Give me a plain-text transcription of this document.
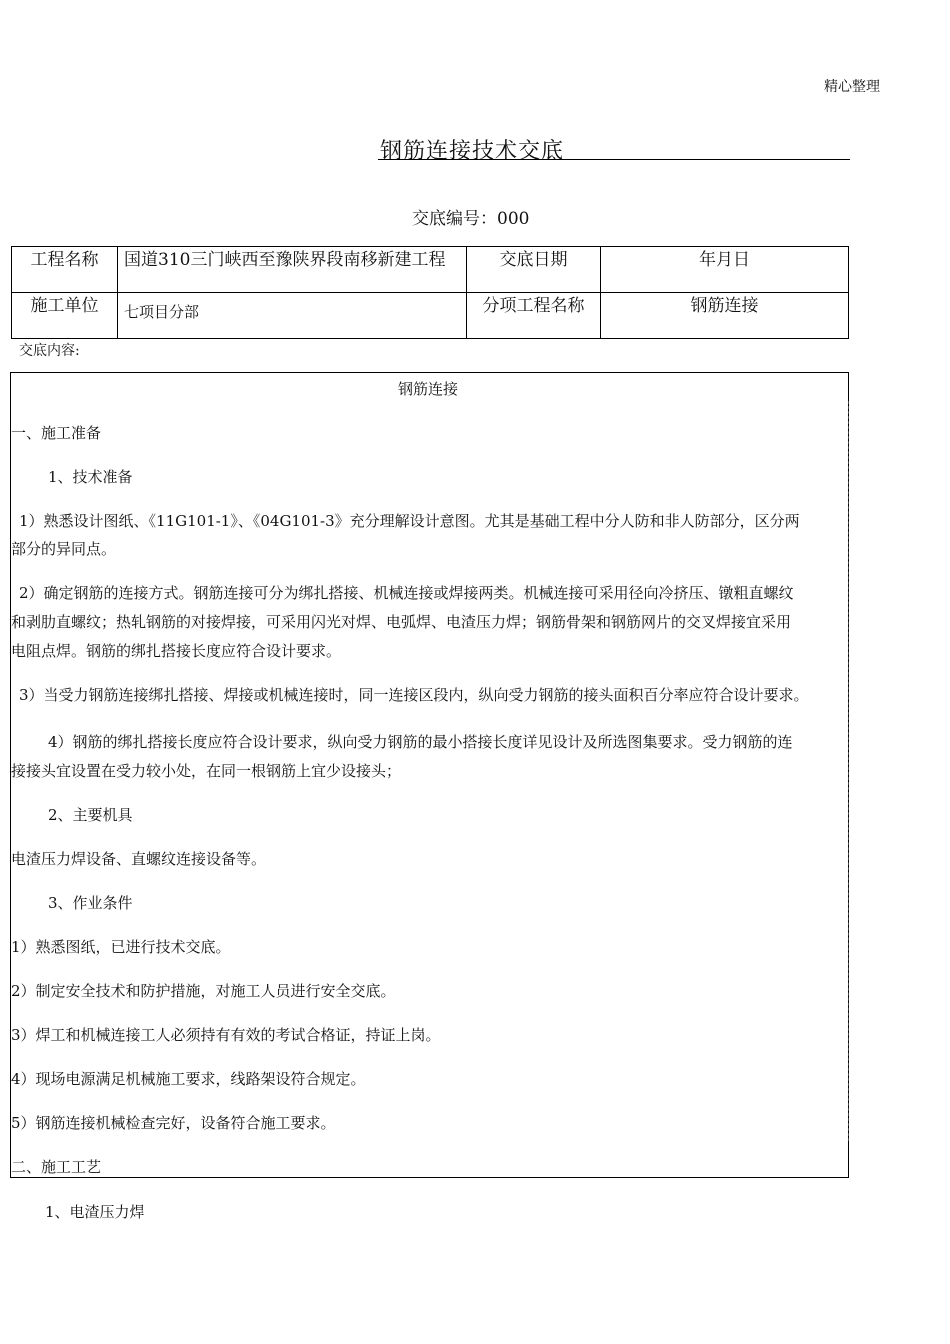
精心整理
钢筋连接技术交底
交底编号：000
工程名称	国道310三门峡西至豫陕界段南移新建工程	交底日期	年月日

施工单位	七项目分部	分项工程名称	钢筋连接
交底内容:
钢筋连接
一、施工准备
1、技术准备
1）熟悉设计图纸、《11G101-1》、《04G101-3》充分理解设计意图。尤其是基础工程中分人防和非人防部分，区分两
部分的异同点。
2）确定钢筋的连接方式。钢筋连接可分为绑扎搭接、机械连接或焊接两类。机械连接可采用径向冷挤压、镦粗直螺纹
和剥肋直螺纹；热轧钢筋的对接焊接，可采用闪光对焊、电弧焊、电渣压力焊；钢筋骨架和钢筋网片的交叉焊接宜采用
电阻点焊。钢筋的绑扎搭接长度应符合设计要求。
3）当受力钢筋连接绑扎搭接、焊接或机械连接时，同一连接区段内，纵向受力钢筋的接头面积百分率应符合设计要求。
4）钢筋的绑扎搭接长度应符合设计要求，纵向受力钢筋的最小搭接长度详见设计及所选图集要求。受力钢筋的连
接接头宜设置在受力较小处，在同一根钢筋上宜少设接头；
2、主要机具
电渣压力焊设备、直螺纹连接设备等。
3、作业条件
1）熟悉图纸，已进行技术交底。
2）制定安全技术和防护措施，对施工人员进行安全交底。
3）焊工和机械连接工人必须持有有效的考试合格证，持证上岗。
4）现场电源满足机械施工要求，线路架设符合规定。
5）钢筋连接机械检查完好，设备符合施工要求。
二、施工工艺
1、电渣压力焊
